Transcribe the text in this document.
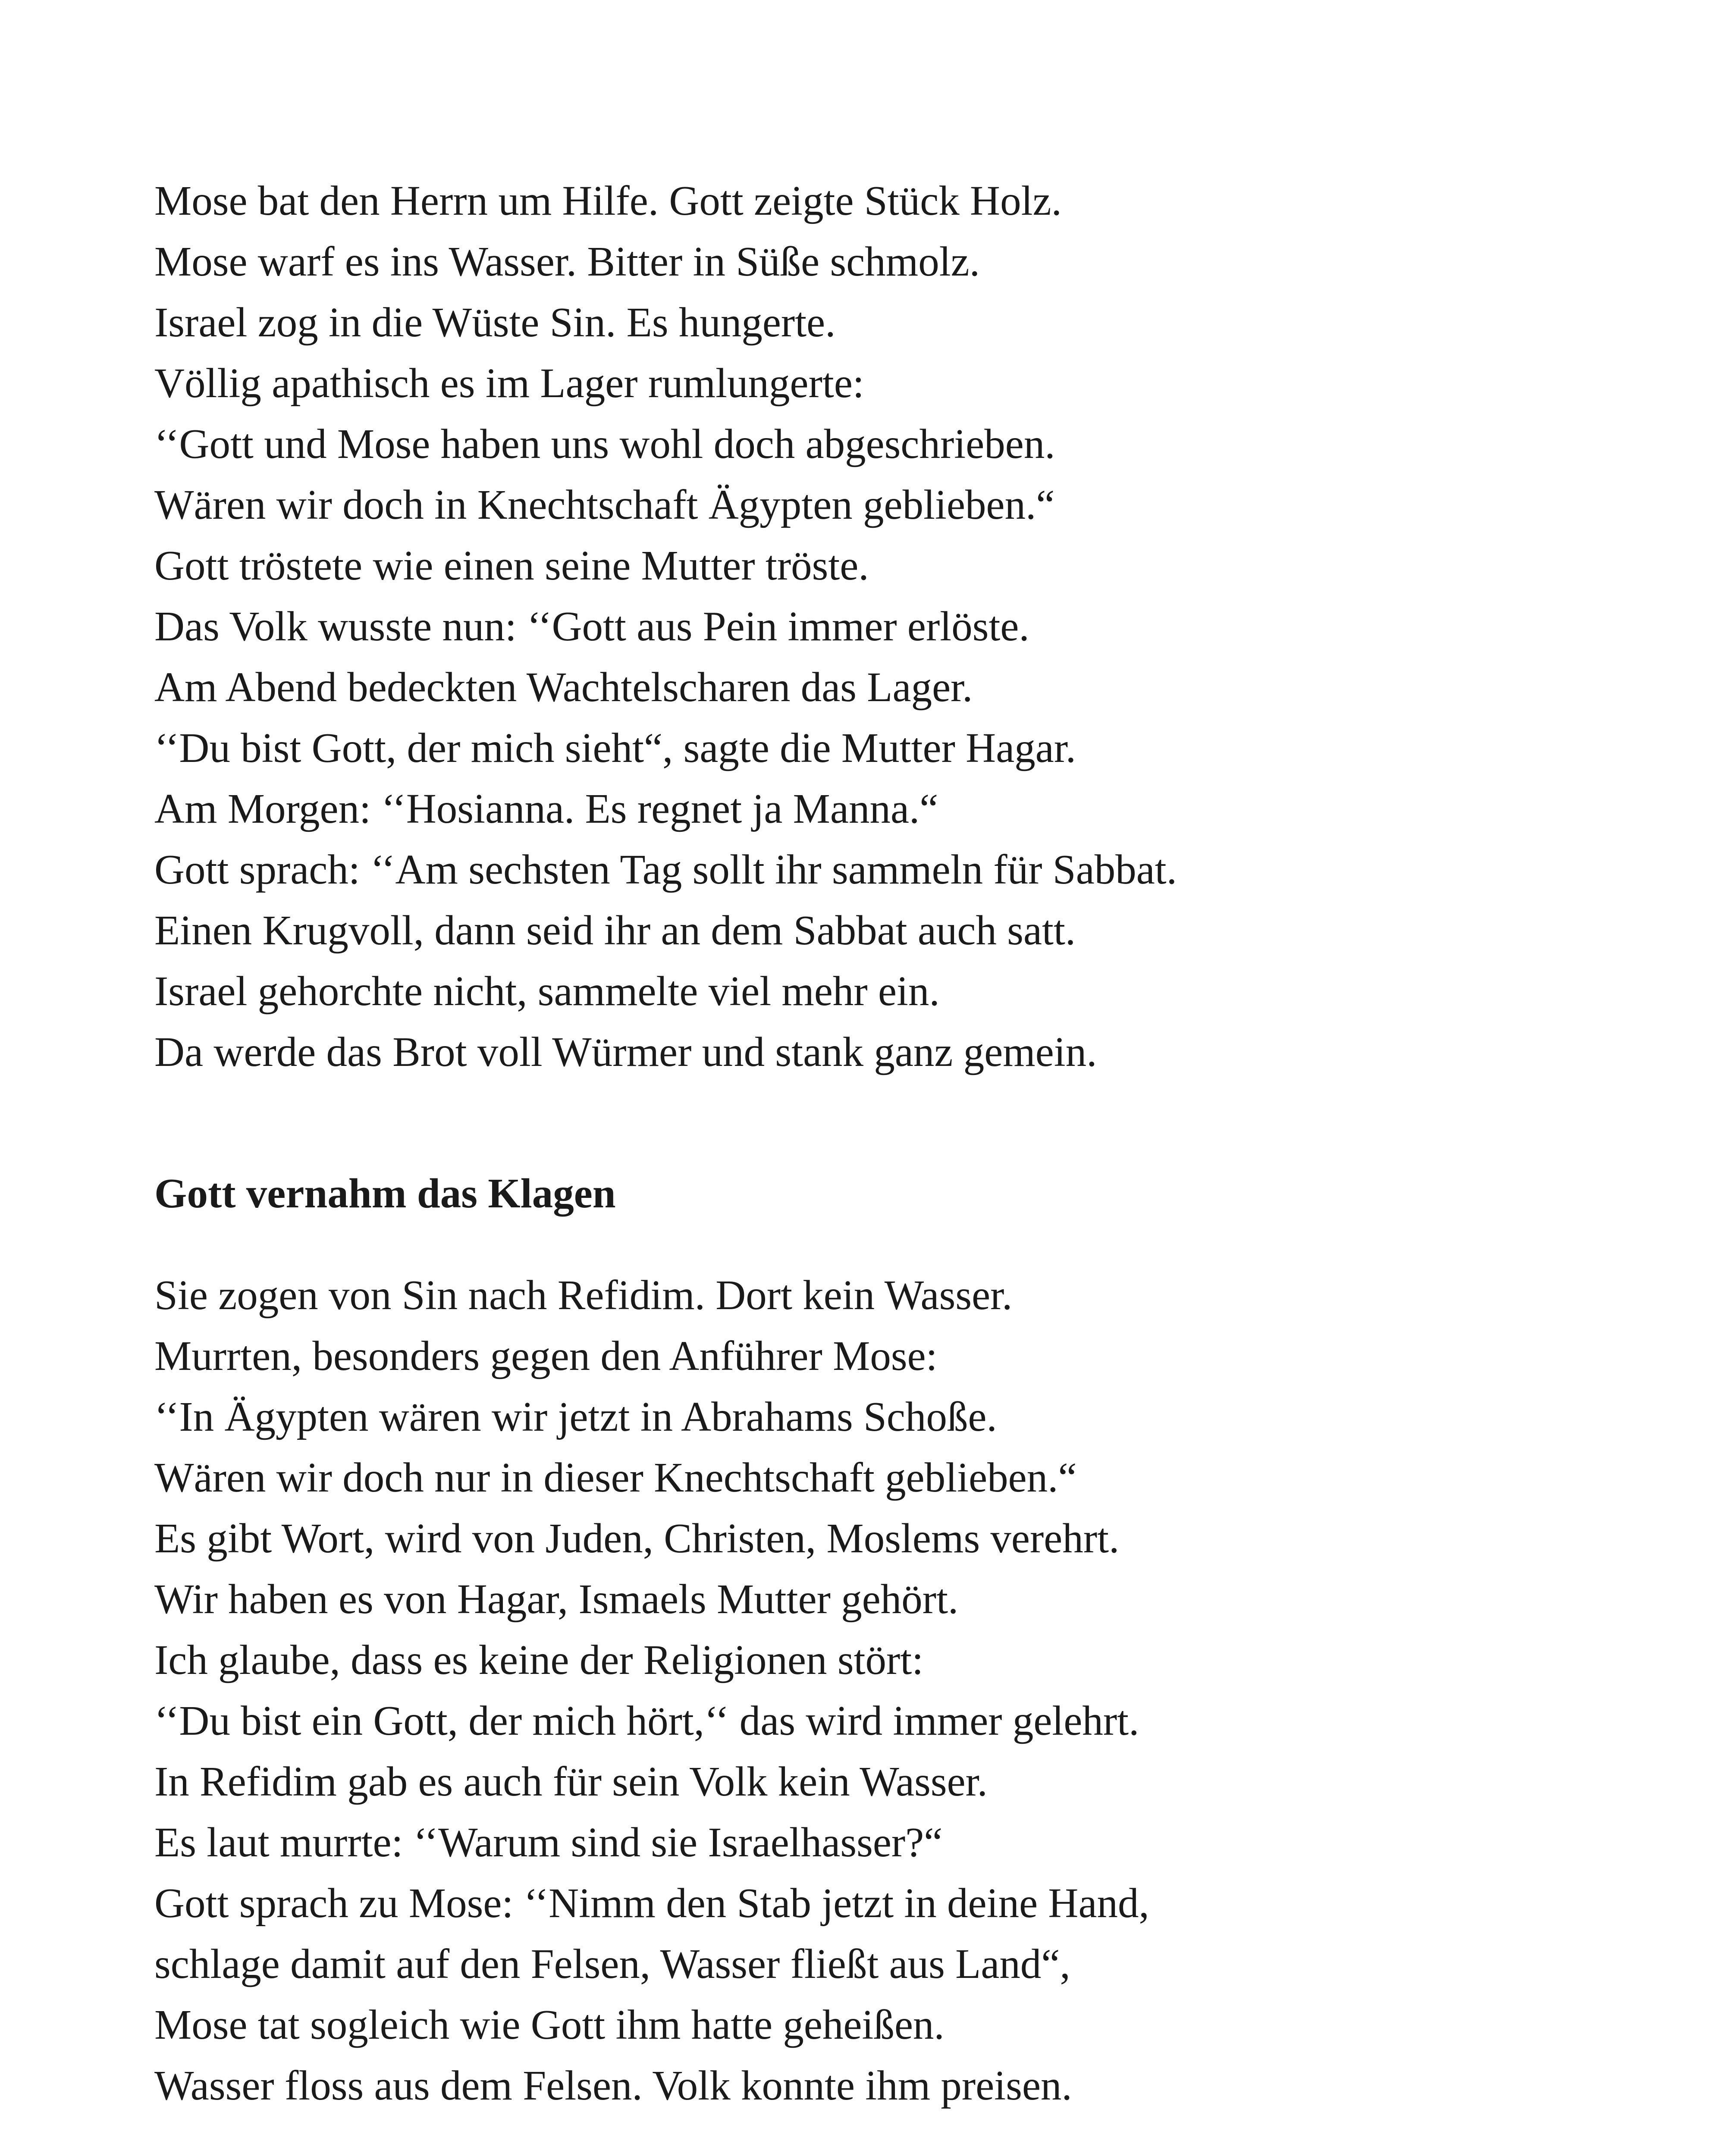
Mose bat den Herrn um Hilfe. Gott zeigte Stück Holz.
Mose warf es ins Wasser. Bitter in Süße schmolz.
Israel zog in die Wüste Sin. Es hungerte.
Völlig apathisch es im Lager rumlungerte:
‘‘Gott und Mose haben uns wohl doch abgeschrieben.
Wären wir doch in Knechtschaft Ägypten geblieben.“
Gott tröstete wie einen seine Mutter tröste.
Das Volk wusste nun: ‘‘Gott aus Pein immer erlöste.
Am Abend bedeckten Wachtelscharen das Lager.
‘‘Du bist Gott, der mich sieht“, sagte die Mutter Hagar.
Am Morgen: ‘‘Hosianna. Es regnet ja Manna.“
Gott sprach: ‘‘Am sechsten Tag sollt ihr sammeln für Sabbat.
Einen Krugvoll, dann seid ihr an dem Sabbat auch satt.
Israel gehorchte nicht, sammelte viel mehr ein.
Da werde das Brot voll Würmer und stank ganz gemein.
Gott vernahm das Klagen
Sie zogen von Sin nach Refidim. Dort kein Wasser.
Murrten, besonders gegen den Anführer Mose:
‘‘In Ägypten wären wir jetzt in Abrahams Schoße.
Wären wir doch nur in dieser Knechtschaft geblieben.“
Es gibt Wort, wird von Juden, Christen, Moslems verehrt.
Wir haben es von Hagar, Ismaels Mutter gehört.
Ich glaube, dass es keine der Religionen stört:
‘‘Du bist ein Gott, der mich hört,‘‘ das wird immer gelehrt.
In Refidim gab es auch für sein Volk kein Wasser.
Es laut murrte: ‘‘Warum sind sie Israelhasser?“
Gott sprach zu Mose: ‘‘Nimm den Stab jetzt in deine Hand,
schlage damit auf den Felsen, Wasser fließt aus Land“,
Mose tat sogleich wie Gott ihm hatte geheißen.
Wasser floss aus dem Felsen. Volk konnte ihm preisen.
